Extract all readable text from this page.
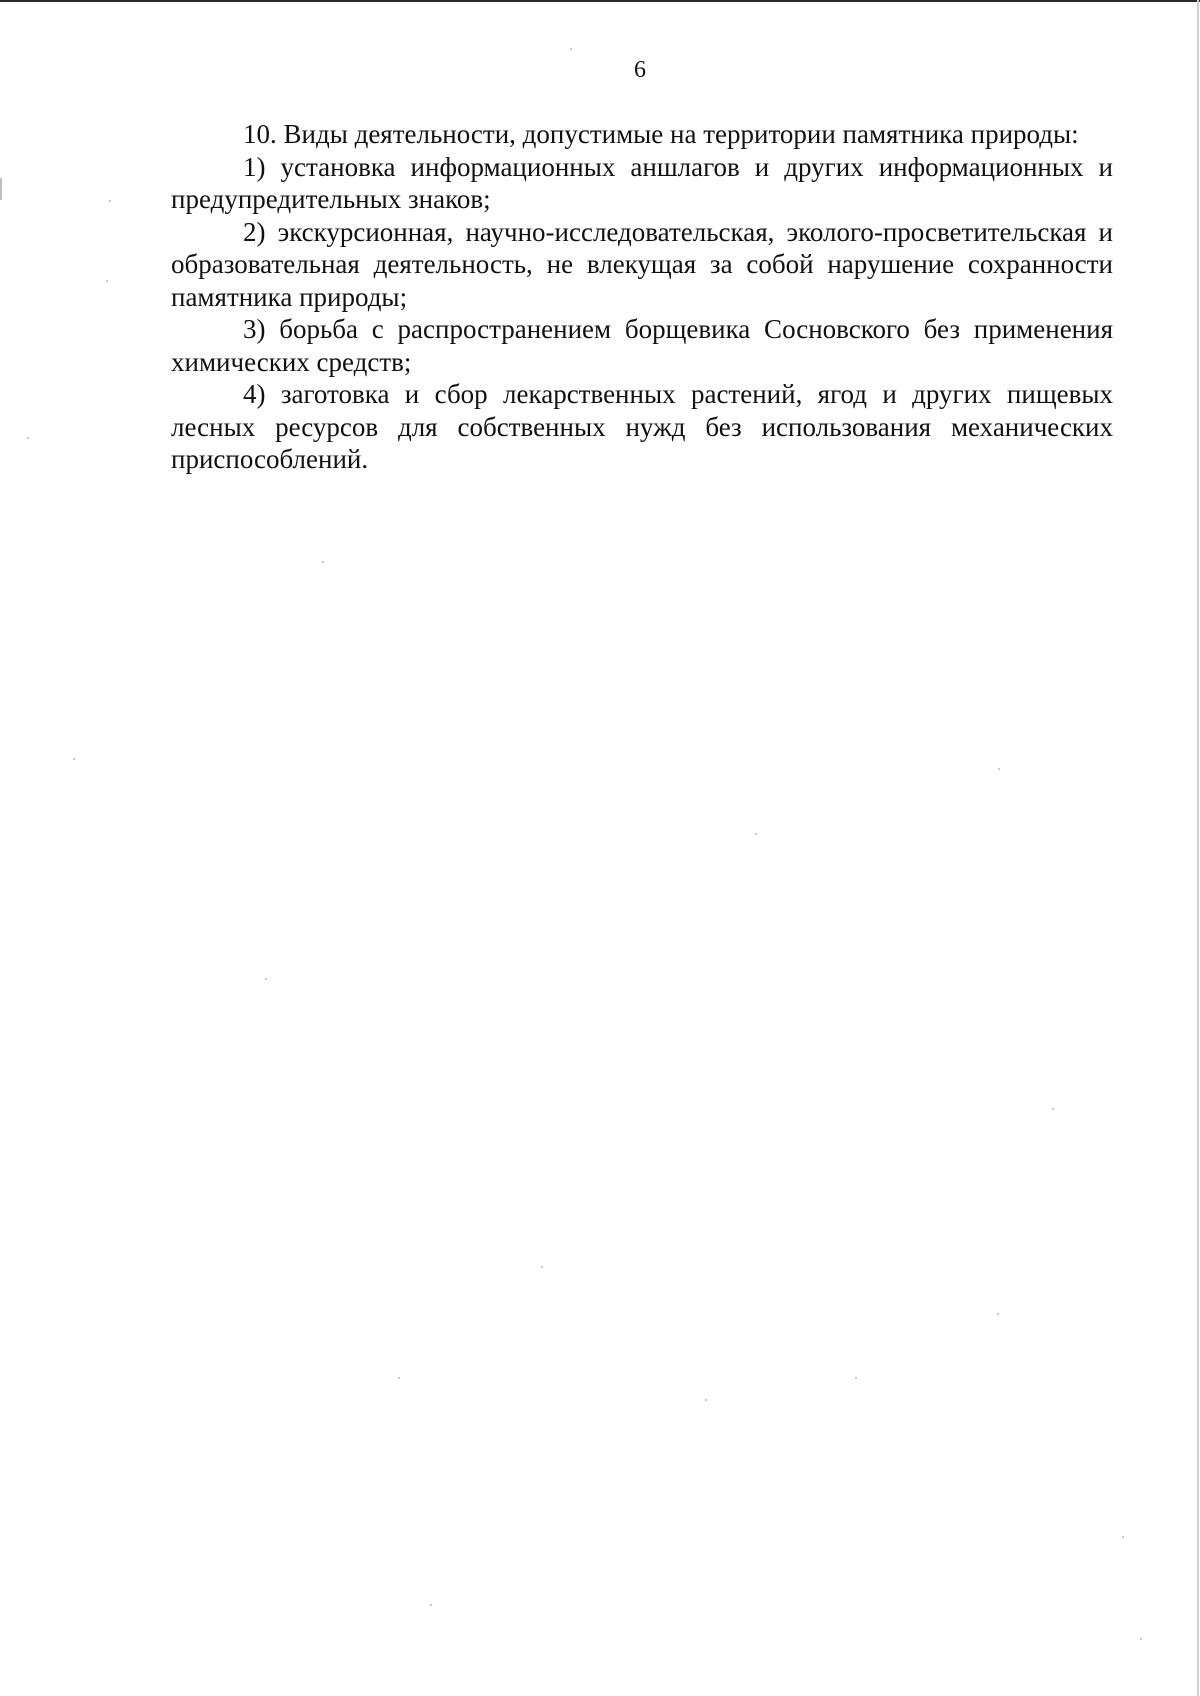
6

10. Виды деятельности, допустимые на территории памятника природы:

1) установка информационных аншлагов и других информационных и предупредительных знаков;

2) экскурсионная, научно-исследовательская, эколого-просветительская и образовательная деятельность, не влекущая за собой нарушение сохранности памятника природы;

3) борьба с распространением борщевика Сосновского без применения химических средств;

4) заготовка и сбор лекарственных растений, ягод и других пищевых лесных ресурсов для собственных нужд без использования механических приспособлений.
